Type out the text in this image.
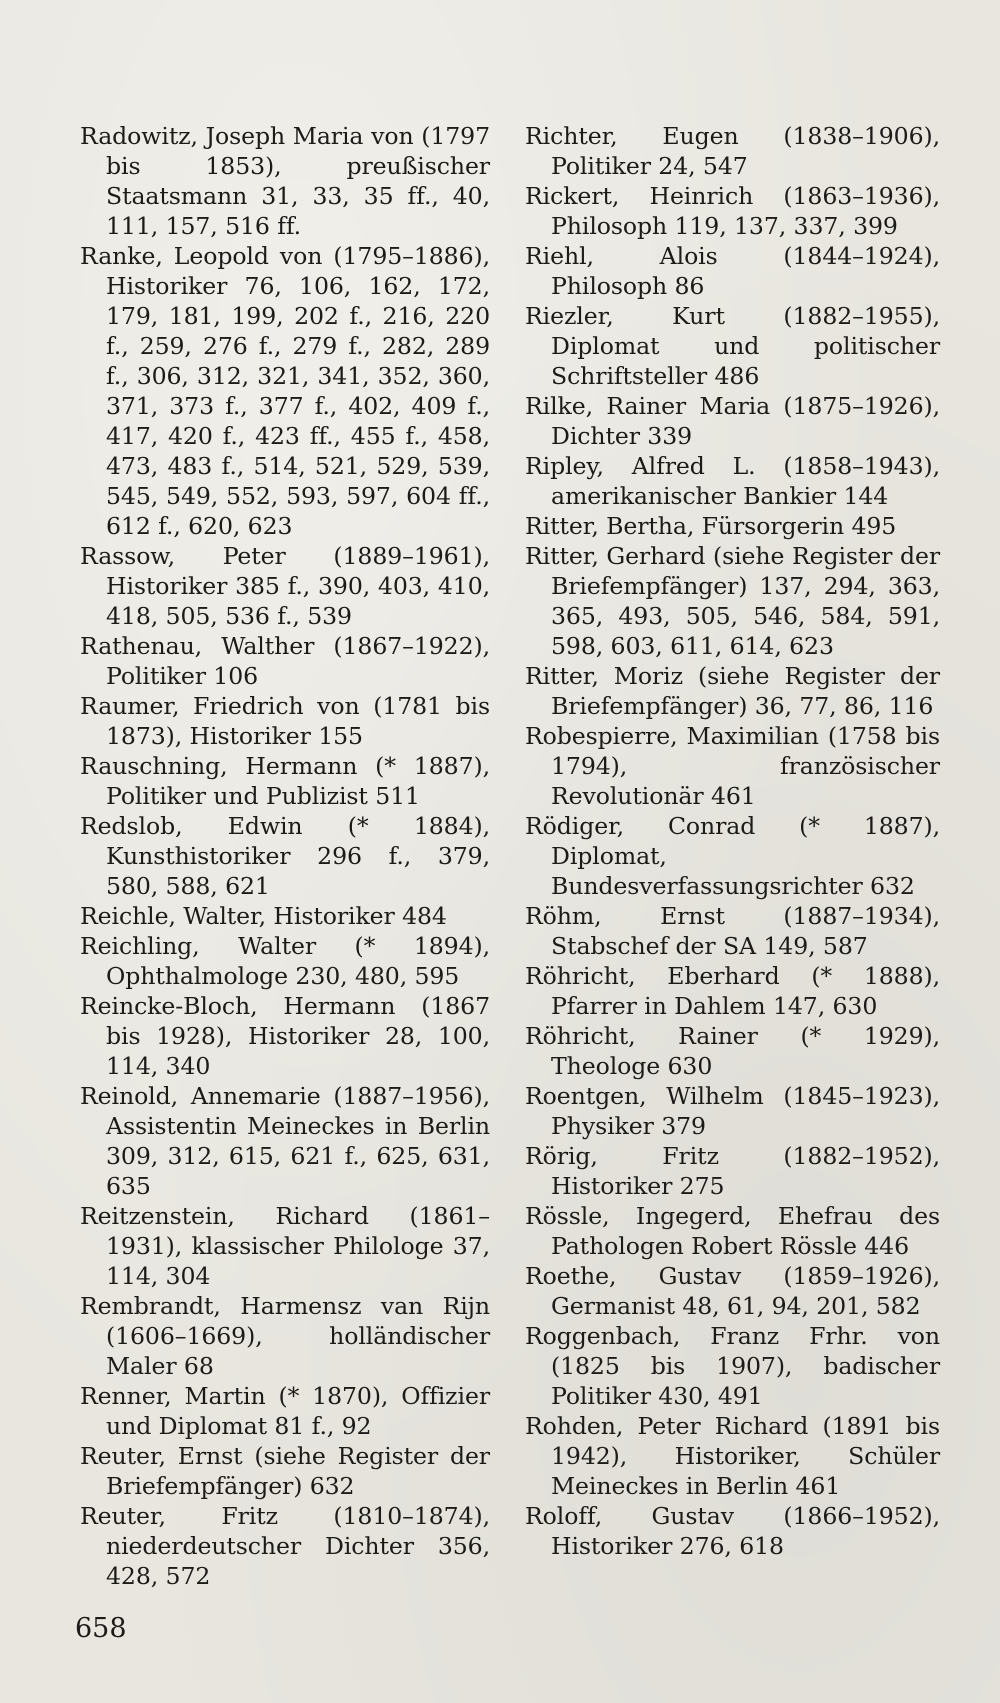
Radowitz, Joseph Maria von (1797 bis 1853), preußischer Staatsmann 31, 33, 35 ff., 40, 111, 157, 516 ff.

Ranke, Leopold von (1795–1886), Historiker 76, 106, 162, 172, 179, 181, 199, 202 f., 216, 220 f., 259, 276 f., 279 f., 282, 289 f., 306, 312, 321, 341, 352, 360, 371, 373 f., 377 f., 402, 409 f., 417, 420 f., 423 ff., 455 f., 458, 473, 483 f., 514, 521, 529, 539, 545, 549, 552, 593, 597, 604 ff., 612 f., 620, 623

Rassow, Peter (1889–1961), Historiker 385 f., 390, 403, 410, 418, 505, 536 f., 539

Rathenau, Walther (1867–1922), Politiker 106

Raumer, Friedrich von (1781 bis 1873), Historiker 155

Rauschning, Hermann (* 1887), Politiker und Publizist 511

Redslob, Edwin (* 1884), Kunsthistoriker 296 f., 379, 580, 588, 621

Reichle, Walter, Historiker 484

Reichling, Walter (* 1894), Ophthalmologe 230, 480, 595

Reincke-Bloch, Hermann (1867 bis 1928), Historiker 28, 100, 114, 340

Reinold, Annemarie (1887–1956), Assistentin Meineckes in Berlin 309, 312, 615, 621 f., 625, 631, 635

Reitzenstein, Richard (1861–1931), klassischer Philologe 37, 114, 304

Rembrandt, Harmensz van Rijn (1606–1669), holländischer Maler 68

Renner, Martin (* 1870), Offizier und Diplomat 81 f., 92

Reuter, Ernst (siehe Register der Briefempfänger) 632

Reuter, Fritz (1810–1874), niederdeutscher Dichter 356, 428, 572

Richter, Eugen (1838–1906), Politiker 24, 547

Rickert, Heinrich (1863–1936), Philosoph 119, 137, 337, 399

Riehl, Alois (1844–1924), Philosoph 86

Riezler, Kurt (1882–1955), Diplomat und politischer Schriftsteller 486

Rilke, Rainer Maria (1875–1926), Dichter 339

Ripley, Alfred L. (1858–1943), amerikanischer Bankier 144

Ritter, Bertha, Fürsorgerin 495

Ritter, Gerhard (siehe Register der Briefempfänger) 137, 294, 363, 365, 493, 505, 546, 584, 591, 598, 603, 611, 614, 623

Ritter, Moriz (siehe Register der Briefempfänger) 36, 77, 86, 116

Robespierre, Maximilian (1758 bis 1794), französischer Revolutionär 461

Rödiger, Conrad (* 1887), Diplomat, Bundesverfassungsrichter 632

Röhm, Ernst (1887–1934), Stabschef der SA 149, 587

Röhricht, Eberhard (* 1888), Pfarrer in Dahlem 147, 630

Röhricht, Rainer (* 1929), Theologe 630

Roentgen, Wilhelm (1845–1923), Physiker 379

Rörig, Fritz (1882–1952), Historiker 275

Rössle, Ingegerd, Ehefrau des Pathologen Robert Rössle 446

Roethe, Gustav (1859–1926), Germanist 48, 61, 94, 201, 582

Roggenbach, Franz Frhr. von (1825 bis 1907), badischer Politiker 430, 491

Rohden, Peter Richard (1891 bis 1942), Historiker, Schüler Meineckes in Berlin 461

Roloff, Gustav (1866–1952), Historiker 276, 618

658
